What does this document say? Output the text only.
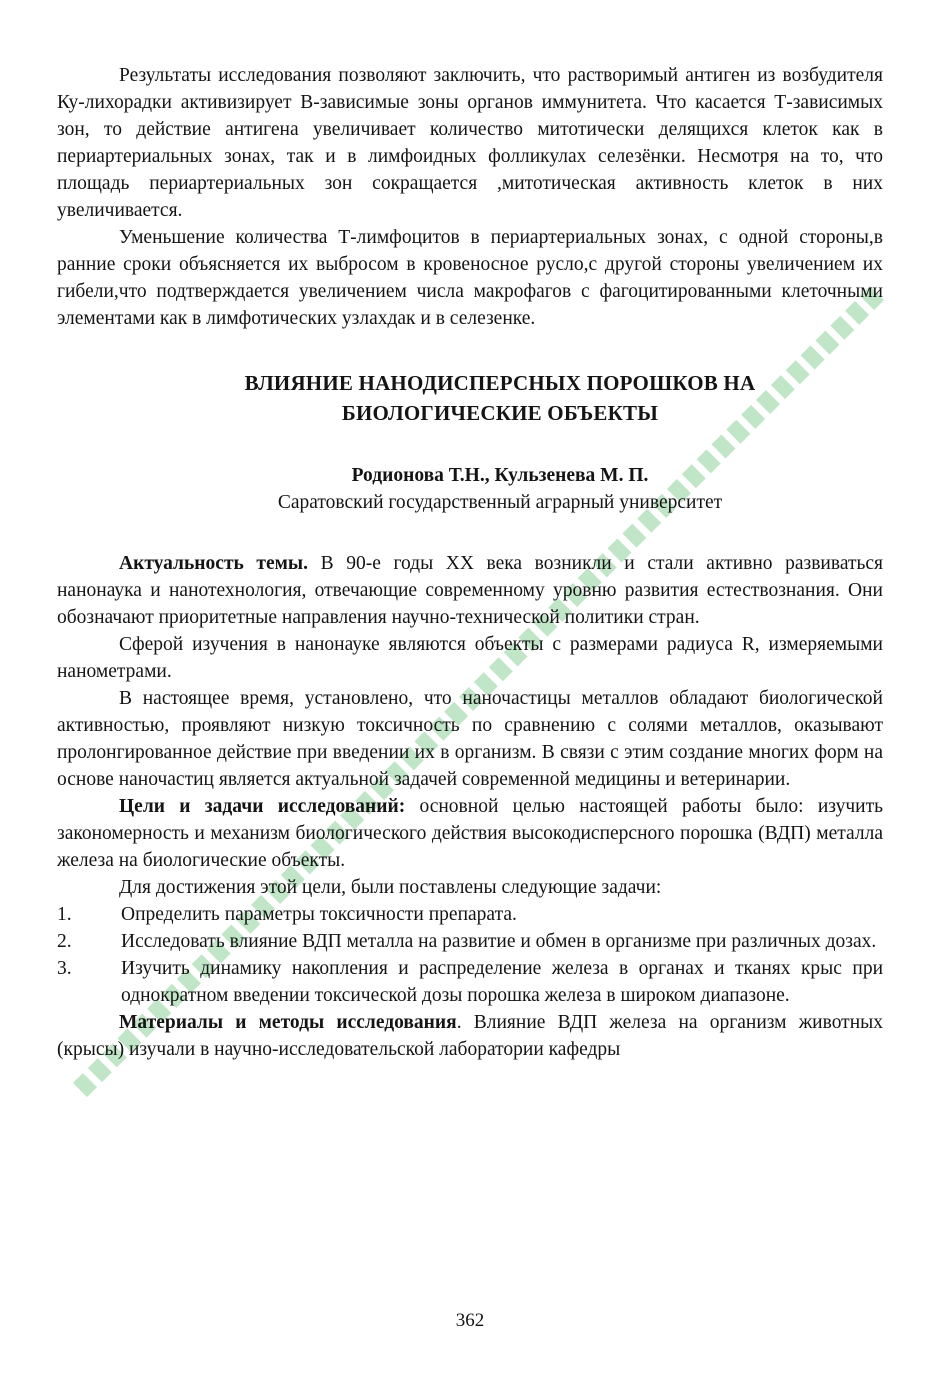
Результаты исследования позволяют заключить, что растворимый антиген из возбудителя Ку-лихорадки активизирует В-зависимые зоны органов иммунитета. Что касается Т-зависимых зон, то действие антигена увеличивает количество митотически делящихся клеток как в периартериальных зонах, так и в лимфоидных фолликулах селезёнки. Несмотря на то, что площадь периартериальных зон сокращается ,митотическая активность клеток в них увеличивается.

Уменьшение количества Т-лимфоцитов в периартериальных зонах, с одной стороны,в ранние сроки объясняется их выбросом в кровеносное русло,с другой стороны увеличением их гибели,что подтверждается увеличением числа макрофагов с фагоцитированными клеточными элементами как в лимфотических узлахдак и в селезенке.

ВЛИЯНИЕ НАНОДИСПЕРСНЫХ ПОРОШКОВ НА
БИОЛОГИЧЕСКИЕ ОБЪЕКТЫ
Родионова Т.Н., Кульзенева М. П.
Саратовский государственный аграрный университет

Актуальность темы. В 90-е годы XX века возникли и стали активно развиваться нанонаука и нанотехнология, отвечающие современному уровню развития естествознания. Они обозначают приоритетные направления научно-технической политики стран.

Сферой изучения в нанонауке являются объекты с размерами радиуса R, измеряемыми нанометрами.

В настоящее время, установлено, что наночастицы металлов обладают биологической активностью, проявляют низкую токсичность по сравнению с солями металлов, оказывают пролонгированное действие при введении их в организм. В связи с этим создание многих форм на основе наночастиц является актуальной задачей современной медицины и ветеринарии.

Цели и задачи исследований: основной целью настоящей работы было: изучить закономерность и механизм биологического действия высокодисперсного порошка (ВДП) металла железа на биологические объекты.

Для достижения этой цели, были поставлены следующие задачи:

1.	Определить параметры токсичности препарата.
2.	Исследовать влияние ВДП металла на развитие и обмен в организме при различных дозах.
3.	Изучить динамику накопления и распределение железа в органах и тканях крыс при однократном введении токсической дозы порошка железа в широком диапазоне.

Материалы и методы исследования. Влияние ВДП железа на организм животных (крысы) изучали в научно-исследовательской лаборатории кафедры

362
